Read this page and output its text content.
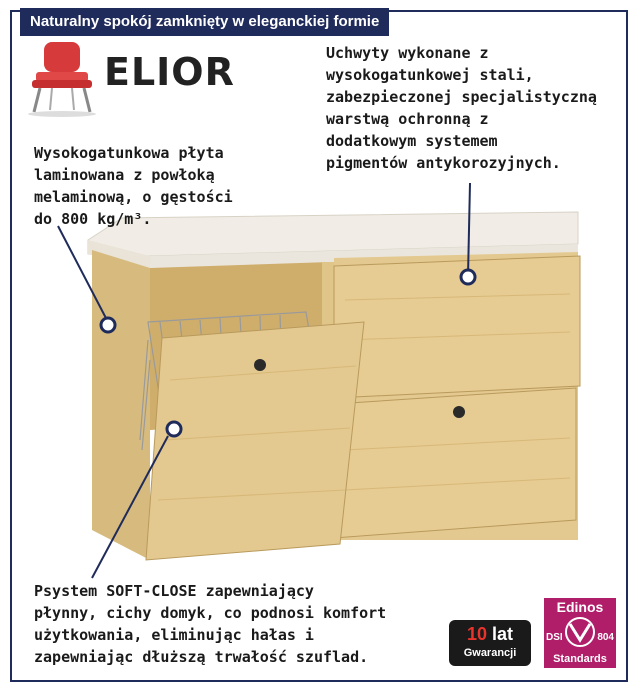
Naturalny spokój zamknięty w eleganckiej formie
ELIOR	Uchwyty wykonane z
wysokogatunkowej stali,
zabezpieczonej specjalistyczną
warstwą ochronną z
dodatkowym systemem
pigmentów antykorozyjnych.
Wysokogatunkowa płyta
laminowana z powłoką
melaminową, o gęstości
do 800 kg/m³.
Psystem SOFT-CLOSE zapewniający
płynny, cichy domyk, co podnosi komfort
użytkowania, eliminując hałas i
zapewniając dłuższą trwałość szuflad.
10 lat
Gwarancji
Edinos
DSI	804
Standards
